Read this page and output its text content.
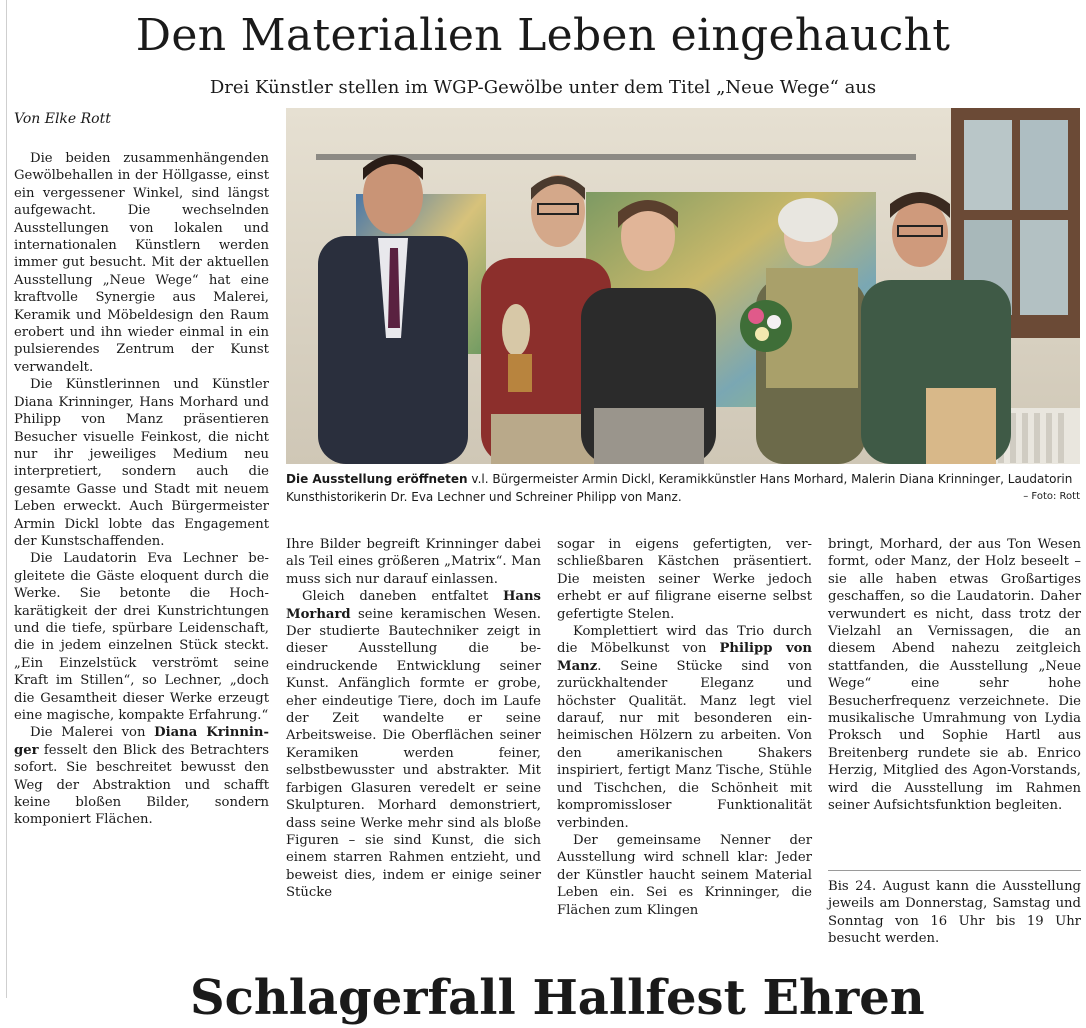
Den Materialien Leben eingehaucht
Drei Künstler stellen im WGP-Gewölbe unter dem Titel „Neue Wege“ aus
Von Elke Rott

Die beiden zusammenhängenden Gewölbehallen in der Höllgasse, einst ein vergessener Winkel, sind längst aufgewacht. Die wechselnden Ausstellungen von lokalen und internationalen Künstlern werden immer gut besucht. Mit der aktuellen Ausstellung „Neue Wege“ hat eine kraftvolle Synergie aus Malerei, Keramik und Möbeldesign den Raum erobert und ihn wieder einmal in ein pulsierendes Zentrum der Kunst verwandelt.

Die Künstlerinnen und Künstler Diana Krinninger, Hans Morhard und Philipp von Manz präsentieren Besucher visuelle Feinkost, die nicht nur ihr jeweiliges Medium neu interpretiert, sondern auch die gesamte Gasse und Stadt mit neuem Leben erweckt. Auch Bürgermeister Armin Dickl lobte das Engagement der Kunstschaffenden.

Die Laudatorin Eva Lechner begleitete die Gäste eloquent durch die Werke. Sie betonte die Hochkarätigkeit der drei Kunstrichtungen und die tiefe, spürbare Leidenschaft, die in jedem einzelnen Stück steckt. „Ein Einzelstück verströmt seine Kraft im Stillen“, so Lechner, „doch die Gesamtheit dieser Werke erzeugt eine magische, kompakte Erfahrung.“

Die Malerei von Diana Krinninger fesselt den Blick des Betrachters sofort. Sie beschreitet bewusst den Weg der Abstraktion und schafft keine bloßen Bilder, sondern komponiert Flächen.

Die Ausstellung eröffneten v.l. Bürgermeister Armin Dickl, Keramikkünstler Hans Morhard, Malerin Diana Krinninger, Laudatorin Kunsthistorikerin Dr. Eva Lechner und Schreiner Philipp von Manz.	– Foto: Rott

Ihre Bilder begreift Krinninger dabei als Teil eines größeren „Matrix“. Man muss sich nur darauf einlassen.

Gleich daneben entfaltet Hans Morhard seine keramischen Wesen. Der studierte Bautechniker zeigt in dieser Ausstellung die beeindruckende Entwicklung seiner Kunst. Anfänglich formte er grobe, eher eindeutige Tiere, doch im Laufe der Zeit wandelte er seine Arbeitsweise. Die Oberflächen seiner Keramiken werden feiner, selbstbewusster und abstrakter. Mit farbigen Glasuren veredelt er seine Skulpturen. Morhard demonstriert, dass seine Werke mehr sind als bloße Figuren – sie sind Kunst, die sich einem starren Rahmen entzieht, und beweist dies, indem er einige seiner Stücke

sogar in eigens gefertigten, verschließbaren Kästchen präsentiert. Die meisten seiner Werke jedoch erhebt er auf filigrane eiserne selbst gefertigte Stelen.

Komplettiert wird das Trio durch die Möbelkunst von Philipp von Manz. Seine Stücke sind von zurückhaltender Eleganz und höchster Qualität. Manz legt viel darauf, nur mit besonderen einheimischen Hölzern zu arbeiten. Von den amerikanischen Shakers inspiriert, fertigt Manz Tische, Stühle und Tischchen, die Schönheit mit kompromissloser Funktionalität verbinden.

Der gemeinsame Nenner der Ausstellung wird schnell klar: Jeder der Künstler haucht seinem Material Leben ein. Sei es Krinninger, die Flächen zum Klingen

bringt, Morhard, der aus Ton Wesen formt, oder Manz, der Holz beseelt – sie alle haben etwas Großartiges geschaffen, so die Laudatorin. Daher verwundert es nicht, dass trotz der Vielzahl an Vernissagen, die an diesem Abend nahezu zeitgleich stattfanden, die Ausstellung „Neue Wege“ eine sehr hohe Besucherfrequenz verzeichnete. Die musikalische Umrahmung von Lydia Proksch und Sophie Hartl aus Breitenberg rundete sie ab. Enrico Herzig, Mitglied des Agon-Vorstands, wird die Ausstellung im Rahmen seiner Aufsichtsfunktion begleiten.

Bis 24. August kann die Ausstellung jeweils am Donnerstag, Samstag und Sonntag von 16 Uhr bis 19 Uhr besucht werden.

Schlagerfall Hallfest Ehren
